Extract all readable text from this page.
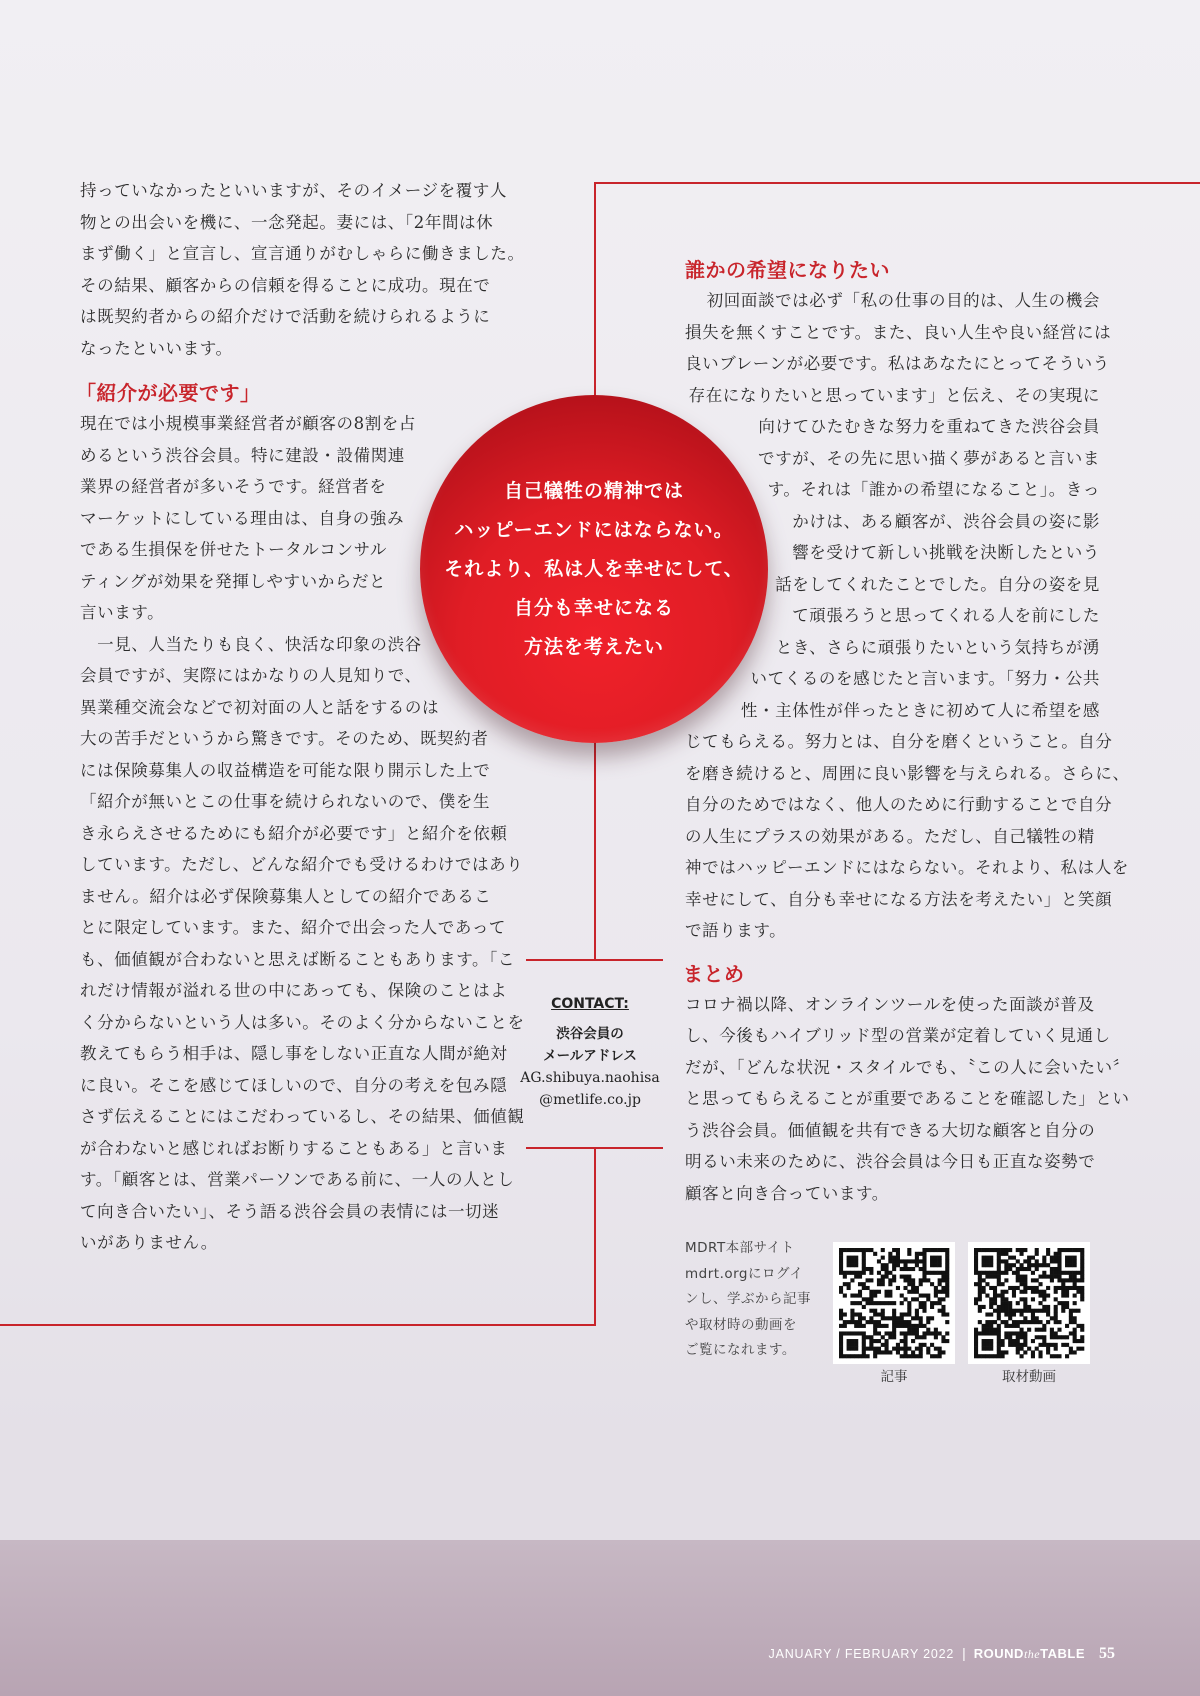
持っていなかったといいますが、そのイメージを覆す人
物との出会いを機に、一念発起。妻には、「2年間は休
まず働く」と宣言し、宣言通りがむしゃらに働きました。
その結果、顧客からの信頼を得ることに成功。現在で
は既契約者からの紹介だけで活動を続けられるように
なったといいます。

「紹介が必要です」

現在では小規模事業経営者が顧客の8割を占
めるという渋谷会員。特に建設・設備関連
業界の経営者が多いそうです。経営者を
マーケットにしている理由は、自身の強み
である生損保を併せたトータルコンサル
ティングが効果を発揮しやすいからだと
言います。
　一見、人当たりも良く、快活な印象の渋谷
会員ですが、実際にはかなりの人見知りで、
異業種交流会などで初対面の人と話をするのは
大の苦手だというから驚きです。そのため、既契約者
には保険募集人の収益構造を可能な限り開示した上で
「紹介が無いとこの仕事を続けられないので、僕を生
き永らえさせるためにも紹介が必要です」と紹介を依頼
しています。ただし、どんな紹介でも受けるわけではあり
ません。紹介は必ず保険募集人としての紹介であるこ
とに限定しています。また、紹介で出会った人であって
も、価値観が合わないと思えば断ることもあります。「こ
れだけ情報が溢れる世の中にあっても、保険のことはよ
く分からないという人は多い。そのよく分からないことを
教えてもらう相手は、隠し事をしない正直な人間が絶対
に良い。そこを感じてほしいので、自分の考えを包み隠
さず伝えることにはこだわっているし、その結果、価値観
が合わないと感じればお断りすることもある」と言いま
す。「顧客とは、営業パーソンである前に、一人の人とし
て向き合いたい」、そう語る渋谷会員の表情には一切迷
いがありません。

誰かの希望になりたい

初回面談では必ず「私の仕事の目的は、人生の機会
損失を無くすことです。また、良い人生や良い経営には
良いブレーンが必要です。私はあなたにとってそういう
存在になりたいと思っています」と伝え、その実現に
向けてひたむきな努力を重ねてきた渋谷会員
ですが、その先に思い描く夢があると言いま
す。それは「誰かの希望になること」。きっ
かけは、ある顧客が、渋谷会員の姿に影
響を受けて新しい挑戦を決断したという
話をしてくれたことでした。自分の姿を見
て頑張ろうと思ってくれる人を前にした
とき、さらに頑張りたいという気持ちが湧
いてくるのを感じたと言います。「努力・公共
性・主体性が伴ったときに初めて人に希望を感
じてもらえる。努力とは、自分を磨くということ。自分
を磨き続けると、周囲に良い影響を与えられる。さらに、
自分のためではなく、他人のために行動することで自分
の人生にプラスの効果がある。ただし、自己犠牲の精
神ではハッピーエンドにはならない。それより、私は人を
幸せにして、自分も幸せになる方法を考えたい」と笑顔
で語ります。

まとめ

コロナ禍以降、オンラインツールを使った面談が普及
し、今後もハイブリッド型の営業が定着していく見通し
だが、「どんな状況・スタイルでも、〝この人に会いたい〞
と思ってもらえることが重要であることを確認した」とい
う渋谷会員。価値観を共有できる大切な顧客と自分の
明るい未来のために、渋谷会員は今日も正直な姿勢で
顧客と向き合っています。

自己犠牲の精神では
ハッピーエンドにはならない。
それより、私は人を幸せにして、
自分も幸せになる
方法を考えたい
CONTACT:
渋谷会員の
メールアドレス
AG.shibuya.naohisa
@metlife.co.jp
MDRT本部サイト
mdrt.orgにログイ
ンし、学ぶから記事
や取材時の動画を
ご覧になれます。
記事	取材動画
JANUARY / FEBRUARY 2022 | ROUNDtheTABLE 55
